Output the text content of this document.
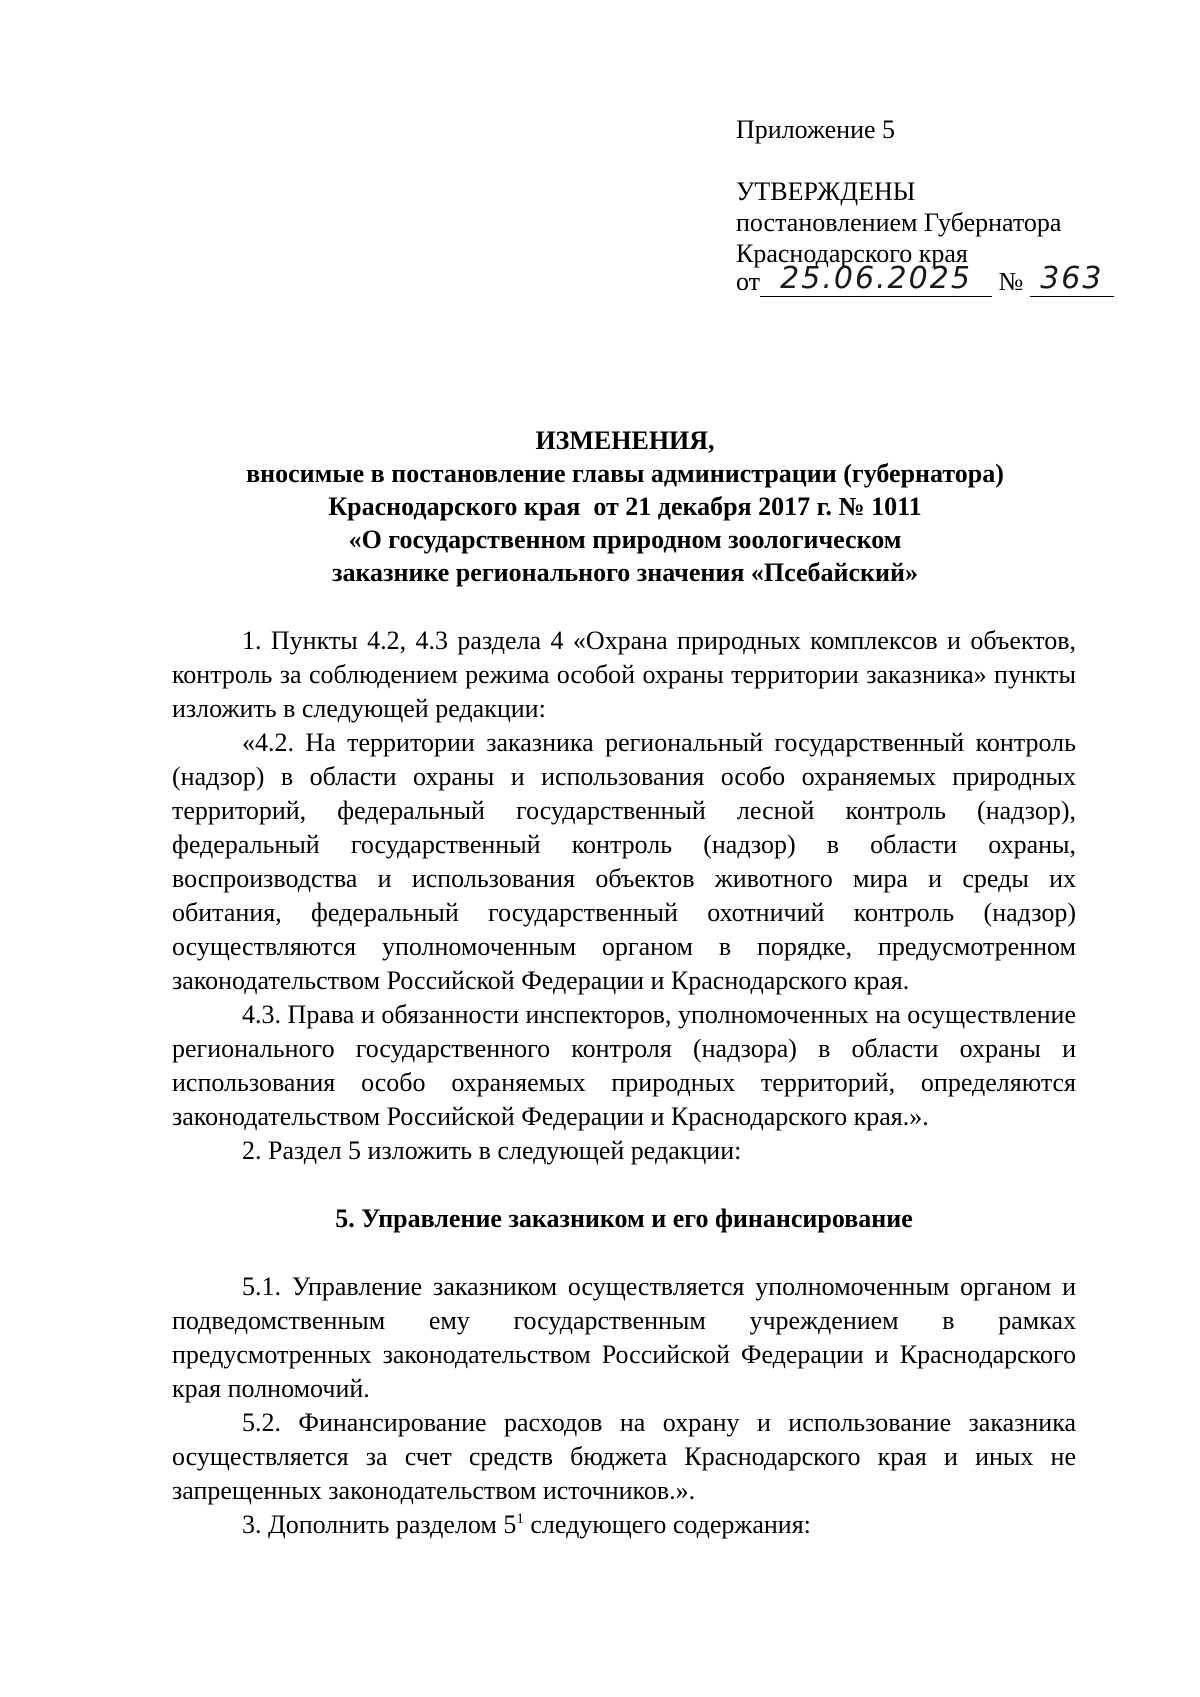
Приложение 5
УТВЕРЖДЕНЫ
постановлением Губернатора
Краснодарского края
от 25.06.2025	№ 363
ИЗМЕНЕНИЯ,
вносимые в постановление главы администрации (губернатора)
Краснодарского края  от 21 декабря 2017 г. № 1011
«О государственном природном зоологическом
заказнике регионального значения «Псебайский»

1. Пункты 4.2, 4.3 раздела 4 «Охрана природных комплексов и объектов, контроль за соблюдением режима особой охраны территории заказника» пункты изложить в следующей редакции:

«4.2. На территории заказника региональный государственный контроль (надзор) в области охраны и использования особо охраняемых природных территорий, федеральный государственный лесной контроль (надзор), федеральный государственный контроль (надзор) в области охраны, воспроизводства и использования объектов животного мира и среды их обитания, федеральный государственный охотничий контроль (надзор) осуществляются уполномоченным органом в порядке, предусмотренном законодательством Российской Федерации и Краснодарского края.

4.3. Права и обязанности инспекторов, уполномоченных на осуществление регионального государственного контроля (надзора) в области охраны и использования особо охраняемых природных территорий, определяются законодательством Российской Федерации и Краснодарского края.».

2. Раздел 5 изложить в следующей редакции:

5. Управление заказником и его финансирование

5.1. Управление заказником осуществляется уполномоченным органом и подведомственным ему государственным учреждением в рамках предусмотренных законодательством Российской Федерации и Краснодарского края полномочий.

5.2. Финансирование расходов на охрану и использование заказника осуществляется за счет средств бюджета Краснодарского края и иных не запрещенных законодательством источников.».

3. Дополнить разделом $5^1$ следующего содержания:
